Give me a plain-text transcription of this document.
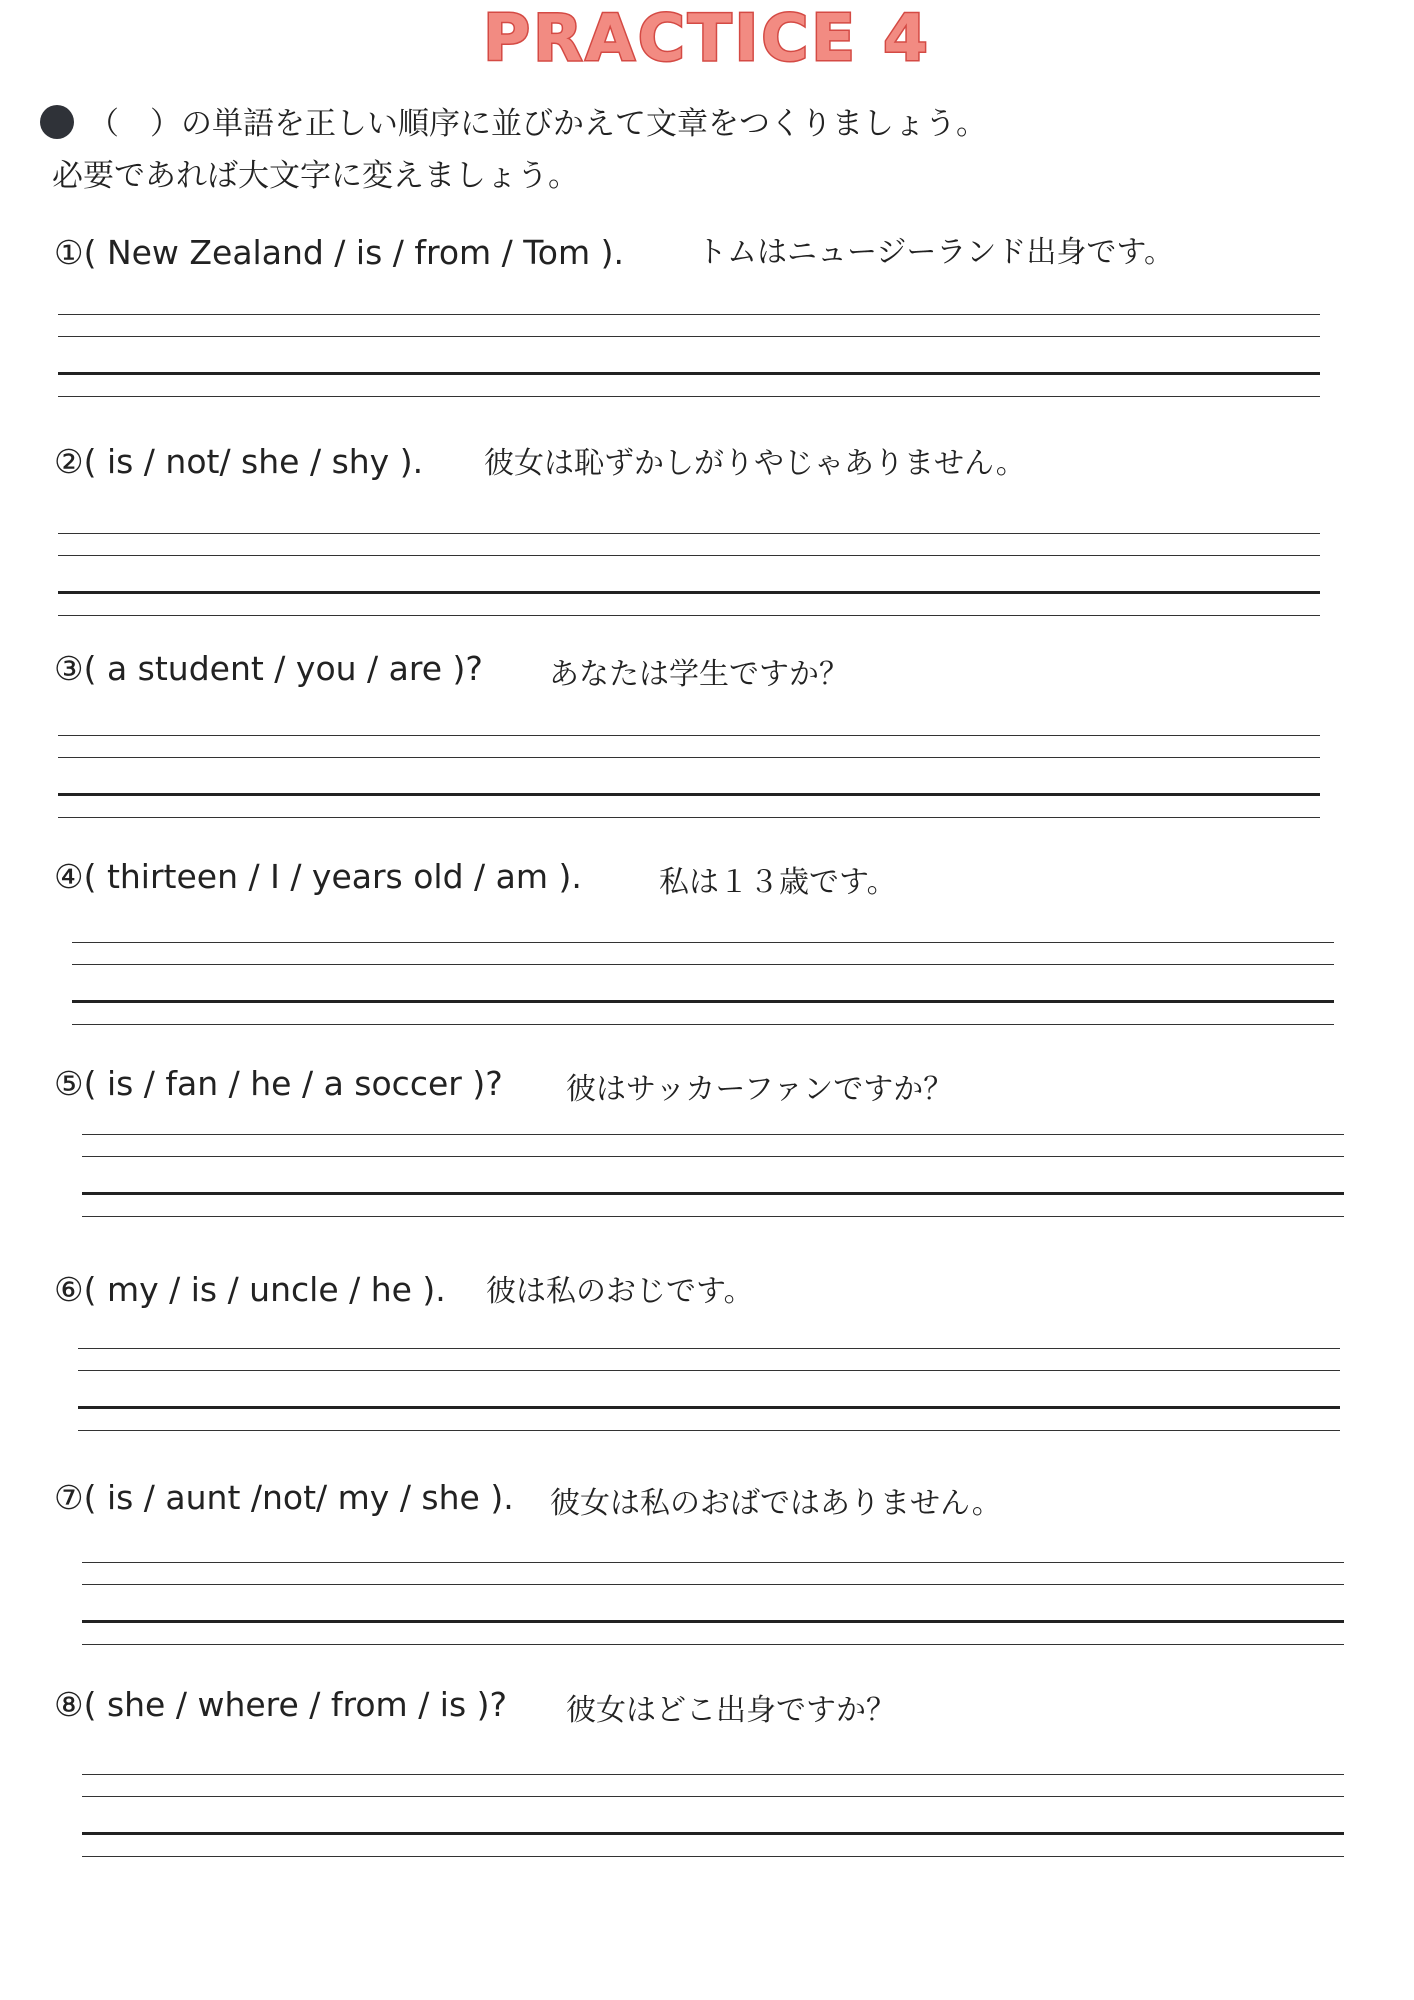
PRACTICE 4
（　）の単語を正しい順序に並びかえて文章をつくりましょう。
必要であれば大文字に変えましょう。
①( New Zealand / is / from / Tom ). トムはニュージーランド出身です。
②( is / not/ she / shy ). 彼女は恥ずかしがりやじゃありません。
③( a student / you / are )? あなたは学生ですか？
④( thirteen / I / years old / am ).	私は１３歳です。
⑤( is / fan / he / a soccer )? 彼はサッカーファンですか？
⑥( my / is / uncle / he ). 彼は私のおじです。
⑦( is / aunt /not/ my / she ). 彼女は私のおばではありません。
⑧( she / where / from / is )? 彼女はどこ出身ですか？
